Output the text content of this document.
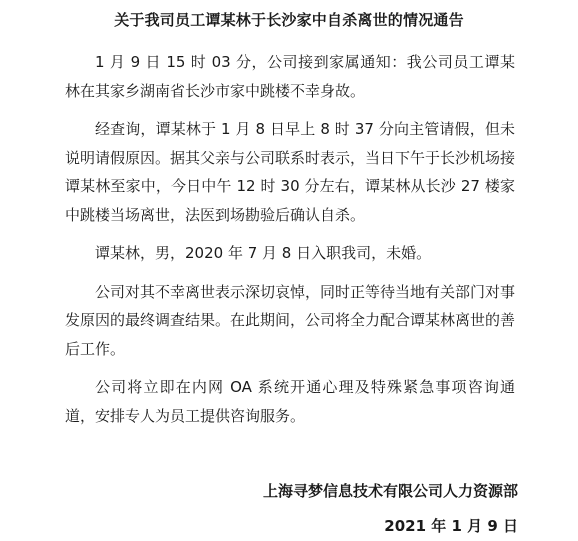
关于我司员工谭某林于长沙家中自杀离世的情况通告

1 月 9 日 15 时 03 分，公司接到家属通知：我公司员工谭某林在其家乡湖南省长沙市家中跳楼不幸身故。

经查询，谭某林于 1 月 8 日早上 8 时 37 分向主管请假，但未说明请假原因。据其父亲与公司联系时表示，当日下午于长沙机场接谭某林至家中，今日中午 12 时 30 分左右，谭某林从长沙 27 楼家中跳楼当场离世，法医到场勘验后确认自杀。

谭某林，男，2020 年 7 月 8 日入职我司，未婚。

公司对其不幸离世表示深切哀悼，同时正等待当地有关部门对事发原因的最终调查结果。在此期间，公司将全力配合谭某林离世的善后工作。

公司将立即在内网 OA 系统开通心理及特殊紧急事项咨询通道，安排专人为员工提供咨询服务。

上海寻梦信息技术有限公司人力资源部
2021 年 1 月 9 日
